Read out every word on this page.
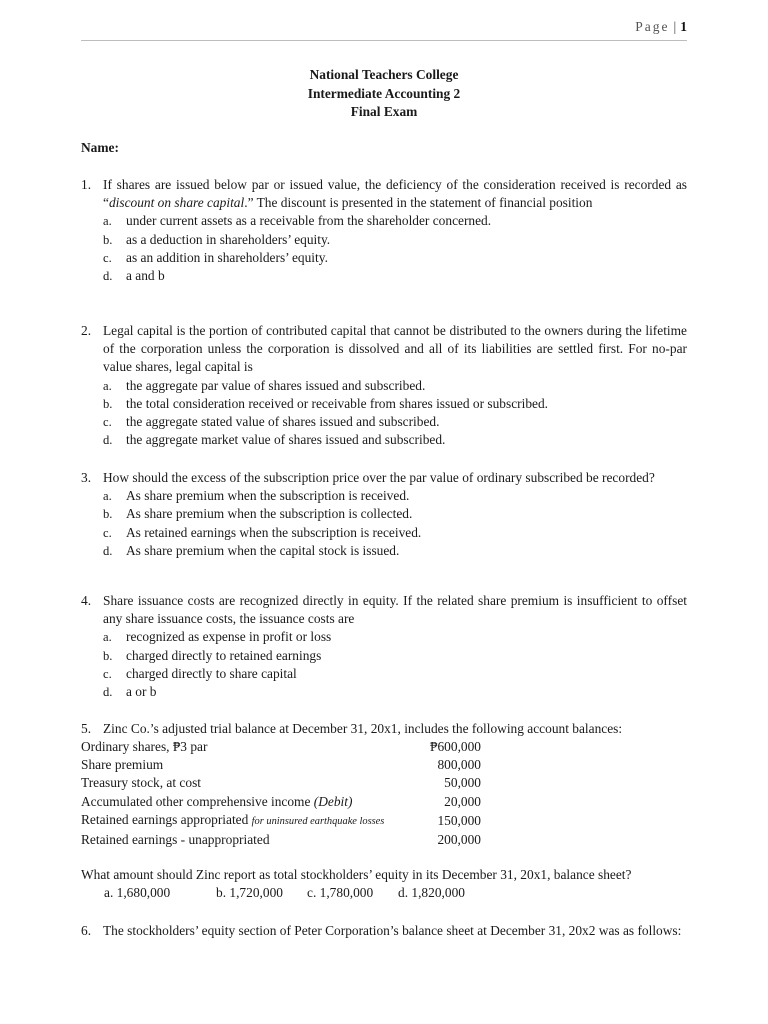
Page | 1
National Teachers College
Intermediate Accounting 2
Final Exam
Name:
1. If shares are issued below par or issued value, the deficiency of the consideration received is recorded as “discount on share capital.” The discount is presented in the statement of financial position
a.	under current assets as a receivable from the shareholder concerned.
b.	as a deduction in shareholders’ equity.
c.	as an addition in shareholders’ equity.
d.	a and b
2. Legal capital is the portion of contributed capital that cannot be distributed to the owners during the lifetime of the corporation unless the corporation is dissolved and all of its liabilities are settled first. For no-par value shares, legal capital is
a.	the aggregate par value of shares issued and subscribed.
b.	the total consideration received or receivable from shares issued or subscribed.
c.	the aggregate stated value of shares issued and subscribed.
d.	the aggregate market value of shares issued and subscribed.
3. How should the excess of the subscription price over the par value of ordinary subscribed be recorded?
a.	As share premium when the subscription is received.
b.	As share premium when the subscription is collected.
c.	As retained earnings when the subscription is received.
d.	As share premium when the capital stock is issued.
4. Share issuance costs are recognized directly in equity. If the related share premium is insufficient to offset any share issuance costs, the issuance costs are
a.	recognized as expense in profit or loss
b.	charged directly to retained earnings
c.	charged directly to share capital
d.	a or b
5. Zinc Co.’s adjusted trial balance at December 31, 20x1, includes the following account balances:
Ordinary shares, ₱3 par	₱600,000
Share premium	800,000
Treasury stock, at cost	50,000
Accumulated other comprehensive income (Debit)	20,000
Retained earnings appropriated for uninsured earthquake losses	150,000
Retained earnings - unappropriated	200,000
What amount should Zinc report as total stockholders’ equity in its December 31, 20x1, balance sheet?
a. 1,680,000	b. 1,720,000	c. 1,780,000	d. 1,820,000
6. The stockholders’ equity section of Peter Corporation’s balance sheet at December 31, 20x2 was as follows:
